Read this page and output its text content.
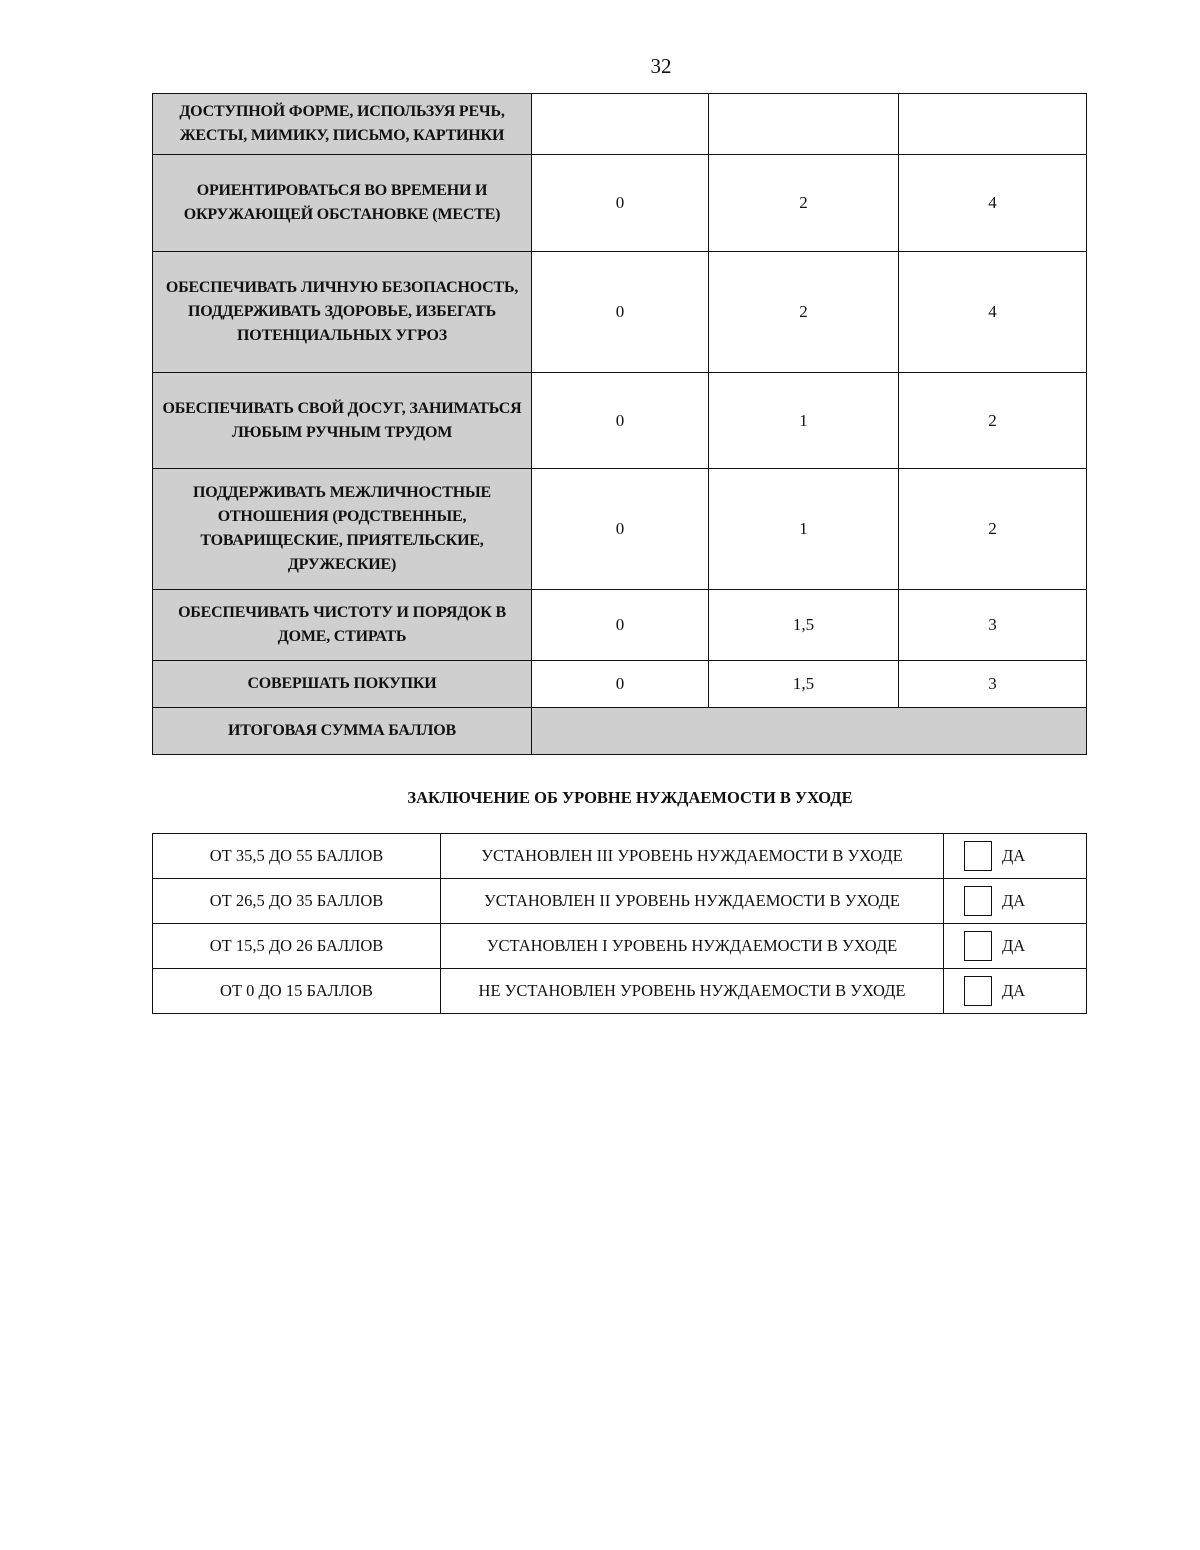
32
ДОСТУПНОЙ ФОРМЕ, ИСПОЛЬЗУЯ РЕЧЬ, ЖЕСТЫ, МИМИКУ, ПИСЬМО, КАРТИНКИ			
ОРИЕНТИРОВАТЬСЯ ВО ВРЕМЕНИ И ОКРУЖАЮЩЕЙ ОБСТАНОВКЕ (МЕСТЕ)	0	2	4
ОБЕСПЕЧИВАТЬ ЛИЧНУЮ БЕЗОПАСНОСТЬ, ПОДДЕРЖИВАТЬ ЗДОРОВЬЕ, ИЗБЕГАТЬ ПОТЕНЦИАЛЬНЫХ УГРОЗ	0	2	4
ОБЕСПЕЧИВАТЬ СВОЙ ДОСУГ, ЗАНИМАТЬСЯ ЛЮБЫМ РУЧНЫМ ТРУДОМ	0	1	2
ПОДДЕРЖИВАТЬ МЕЖЛИЧНОСТНЫЕ ОТНОШЕНИЯ (РОДСТВЕННЫЕ, ТОВАРИЩЕСКИЕ, ПРИЯТЕЛЬСКИЕ, ДРУЖЕСКИЕ)	0	1	2
ОБЕСПЕЧИВАТЬ ЧИСТОТУ И ПОРЯДОК В ДОМЕ, СТИРАТЬ	0	1,5	3
СОВЕРШАТЬ ПОКУПКИ	0	1,5	3
ИТОГОВАЯ СУММА БАЛЛОВ			
ЗАКЛЮЧЕНИЕ ОБ УРОВНЕ НУЖДАЕМОСТИ В УХОДЕ
ОТ 35,5 ДО 55 БАЛЛОВ	УСТАНОВЛЕН III УРОВЕНЬ НУЖДАЕМОСТИ В УХОДЕ	ДА
ОТ 26,5 ДО 35 БАЛЛОВ	УСТАНОВЛЕН II УРОВЕНЬ НУЖДАЕМОСТИ В УХОДЕ	ДА
ОТ 15,5 ДО 26 БАЛЛОВ	УСТАНОВЛЕН I УРОВЕНЬ НУЖДАЕМОСТИ В УХОДЕ	ДА
ОТ 0 ДО 15 БАЛЛОВ	НЕ УСТАНОВЛЕН УРОВЕНЬ НУЖДАЕМОСТИ В УХОДЕ	ДА
